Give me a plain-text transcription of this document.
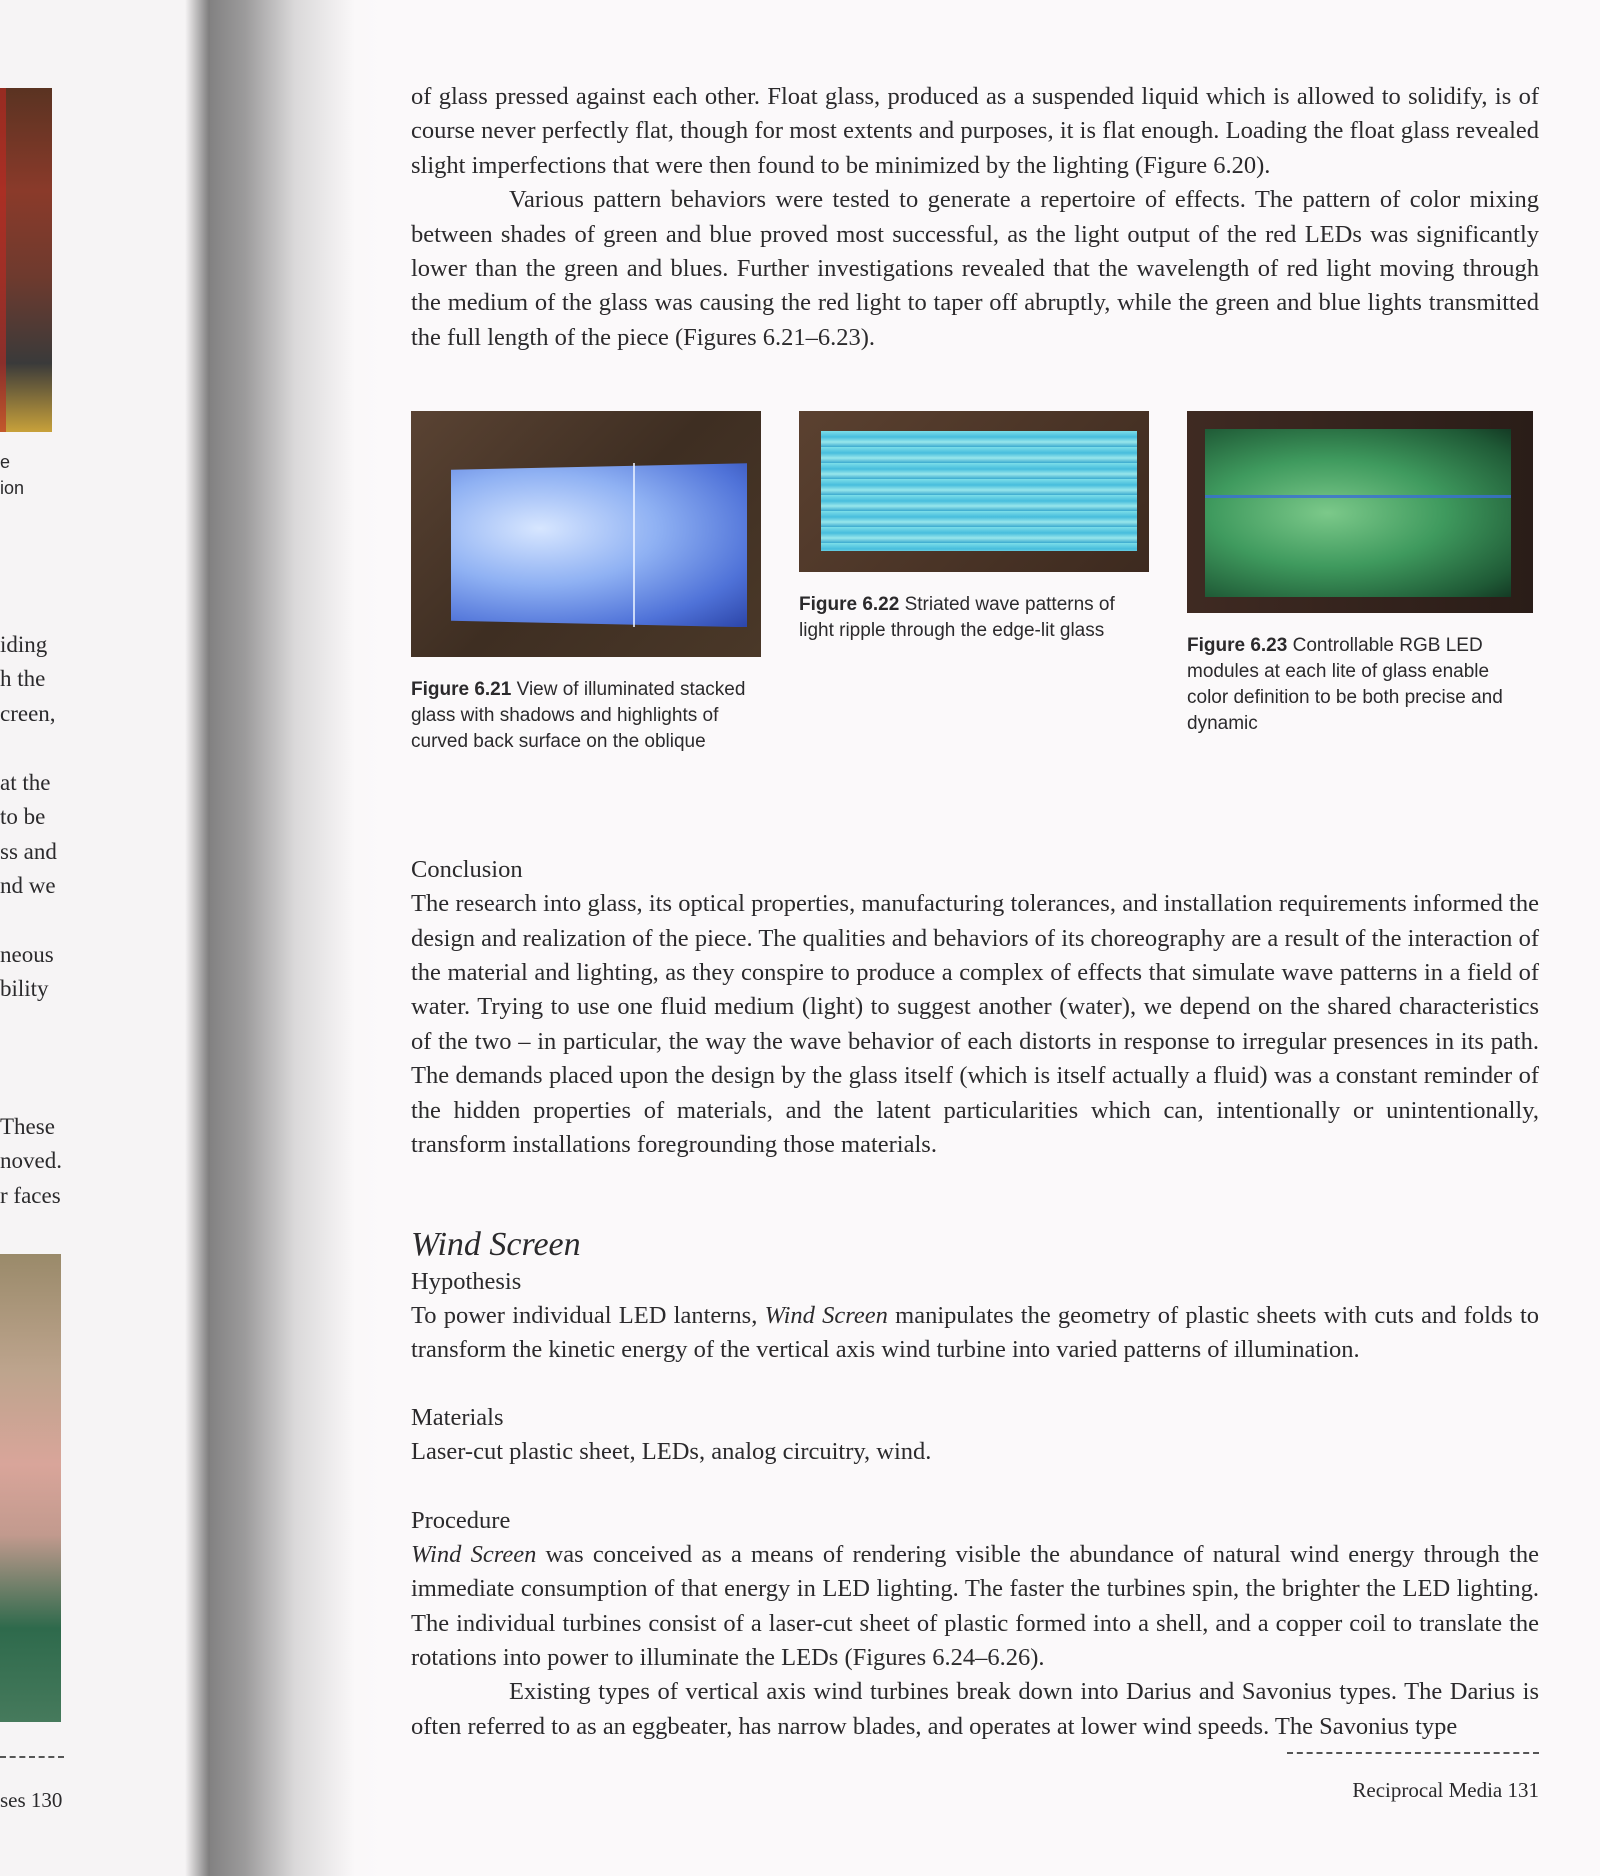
e
ion
iding
h the
creen,
at the
to be
ss and
nd we
neous
bility
These
noved.
r faces
ses 130

of glass pressed against each other. Float glass, produced as a suspended liquid which is allowed to solidify, is of course never perfectly flat, though for most extents and purposes, it is flat enough. Loading the float glass revealed slight imperfections that were then found to be minimized by the lighting (Figure 6.20).

Various pattern behaviors were tested to generate a repertoire of effects. The pattern of color mixing between shades of green and blue proved most successful, as the light output of the red LEDs was significantly lower than the green and blues. Further investigations revealed that the wavelength of red light moving through the medium of the glass was causing the red light to taper off abruptly, while the green and blue lights transmitted the full length of the piece (Figures 6.21–6.23).

Figure 6.21 View of illuminated stacked glass with shadows and highlights of curved back surface on the oblique
Figure 6.22 Striated wave patterns of light ripple through the edge-lit glass
Figure 6.23 Controllable RGB LED modules at each lite of glass enable color definition to be both precise and dynamic

Conclusion

The research into glass, its optical properties, manufacturing tolerances, and installation requirements informed the design and realization of the piece. The qualities and behaviors of its choreography are a result of the interaction of the material and lighting, as they conspire to produce a complex of effects that simulate wave patterns in a field of water. Trying to use one fluid medium (light) to suggest another (water), we depend on the shared characteristics of the two – in particular, the way the wave behavior of each distorts in response to irregular presences in its path. The demands placed upon the design by the glass itself (which is itself actually a fluid) was a constant reminder of the hidden properties of materials, and the latent particularities which can, intentionally or unintentionally, transform installations foregrounding those materials.

Wind Screen

Hypothesis

To power individual LED lanterns, Wind Screen manipulates the geometry of plastic sheets with cuts and folds to transform the kinetic energy of the vertical axis wind turbine into varied patterns of illumination.

Materials

Laser-cut plastic sheet, LEDs, analog circuitry, wind.

Procedure

Wind Screen was conceived as a means of rendering visible the abundance of natural wind energy through the immediate consumption of that energy in LED lighting. The faster the turbines spin, the brighter the LED lighting. The individual turbines consist of a laser-cut sheet of plastic formed into a shell, and a copper coil to translate the rotations into power to illuminate the LEDs (Figures 6.24–6.26).

Existing types of vertical axis wind turbines break down into Darius and Savonius types. The Darius is often referred to as an eggbeater, has narrow blades, and operates at lower wind speeds. The Savonius type

Reciprocal Media 131
